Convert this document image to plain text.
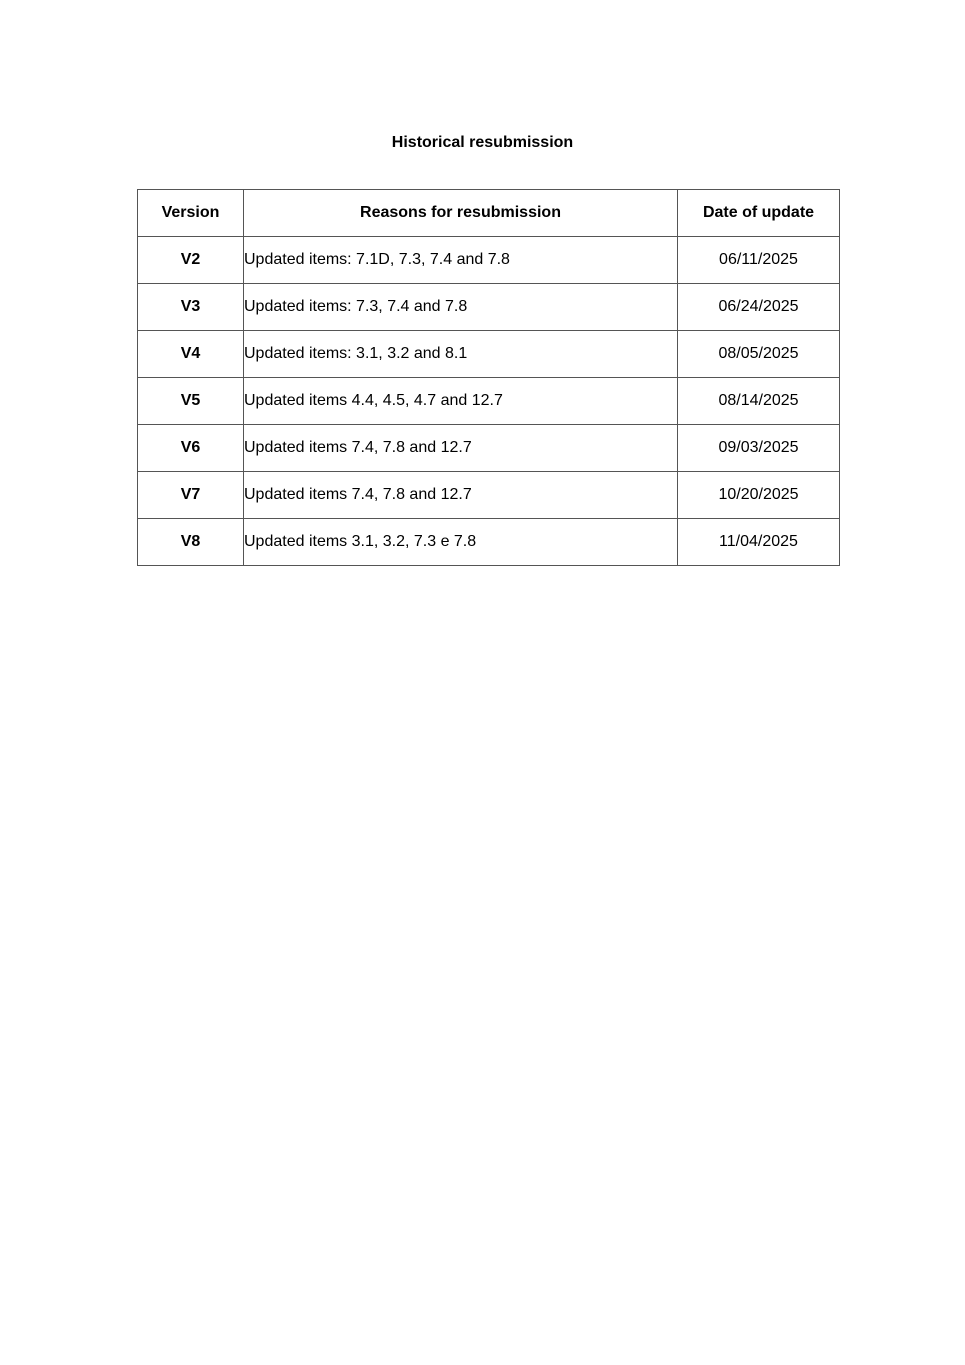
Historical resubmission
Version	Reasons for resubmission	Date of update
V2	Updated items: 7.1D, 7.3, 7.4 and 7.8	06/11/2025
V3	Updated items: 7.3, 7.4 and 7.8	06/24/2025
V4	Updated items: 3.1, 3.2 and 8.1	08/05/2025
V5	Updated items 4.4, 4.5, 4.7 and 12.7	08/14/2025
V6	Updated items 7.4, 7.8 and 12.7	09/03/2025
V7	Updated items 7.4, 7.8 and 12.7	10/20/2025
V8	Updated items 3.1, 3.2, 7.3 e 7.8	11/04/2025
